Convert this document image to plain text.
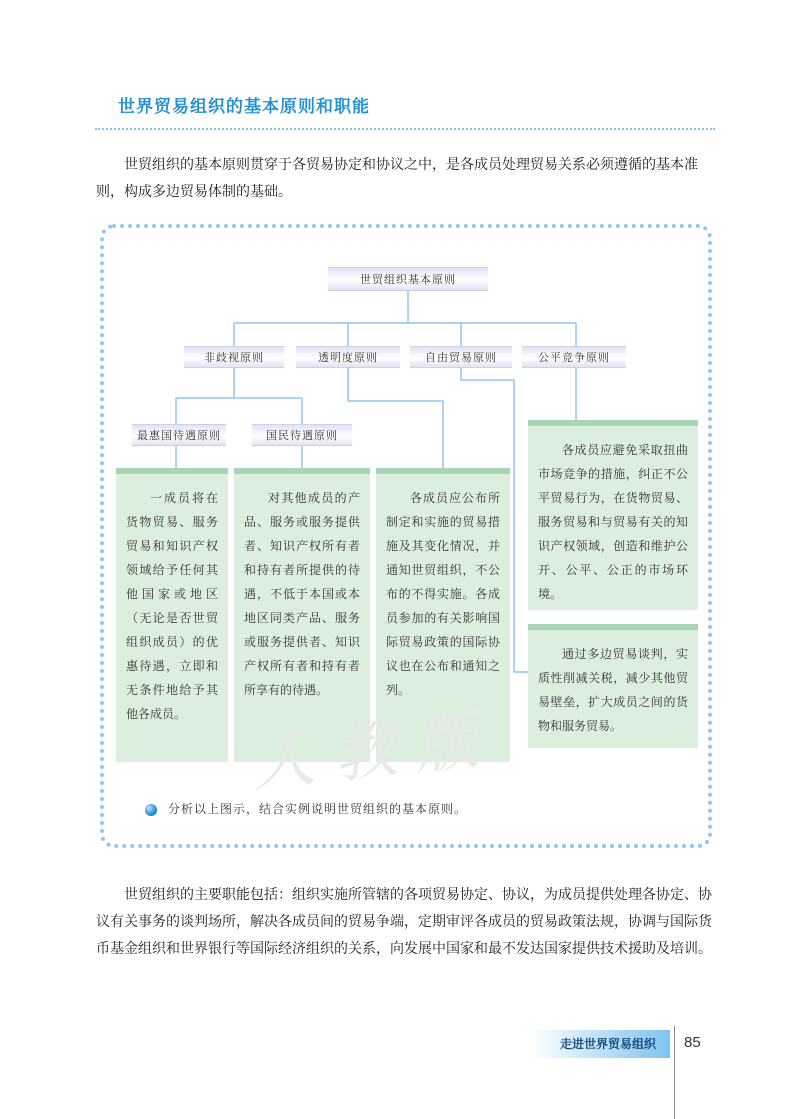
世界贸易组织的基本原则和职能

世贸组织的基本原则贯穿于各贸易协定和协议之中，是各成员处理贸易关系必须遵循的基本准则，构成多边贸易体制的基础。

世贸组织基本原则
非歧视原则	透明度原则	自由贸易原则	公平竞争原则
最惠国待遇原则	国民待遇原则

一成员将在货物贸易、服务贸易和知识产权领域给予任何其他国家或地区（无论是否世贸组织成员）的优惠待遇，立即和无条件地给予其他各成员。

对其他成员的产品、服务或服务提供者、知识产权所有者和持有者所提供的待遇，不低于本国或本地区同类产品、服务或服务提供者、知识产权所有者和持有者所享有的待遇。

各成员应公布所制定和实施的贸易措施及其变化情况，并通知世贸组织，不公布的不得实施。各成员参加的有关影响国际贸易政策的国际协议也在公布和通知之列。

各成员应避免采取扭曲市场竞争的措施，纠正不公平贸易行为，在货物贸易、服务贸易和与贸易有关的知识产权领域，创造和维护公开、公平、公正的市场环境。

通过多边贸易谈判，实质性削减关税，减少其他贸易壁垒，扩大成员之间的货物和服务贸易。

人教版
分析以上图示，结合实例说明世贸组织的基本原则。

世贸组织的主要职能包括：组织实施所管辖的各项贸易协定、协议，为成员提供处理各协定、协议有关事务的谈判场所，解决各成员间的贸易争端，定期审评各成员的贸易政策法规，协调与国际货币基金组织和世界银行等国际经济组织的关系，向发展中国家和最不发达国家提供技术援助及培训。

走进世界贸易组织	85
